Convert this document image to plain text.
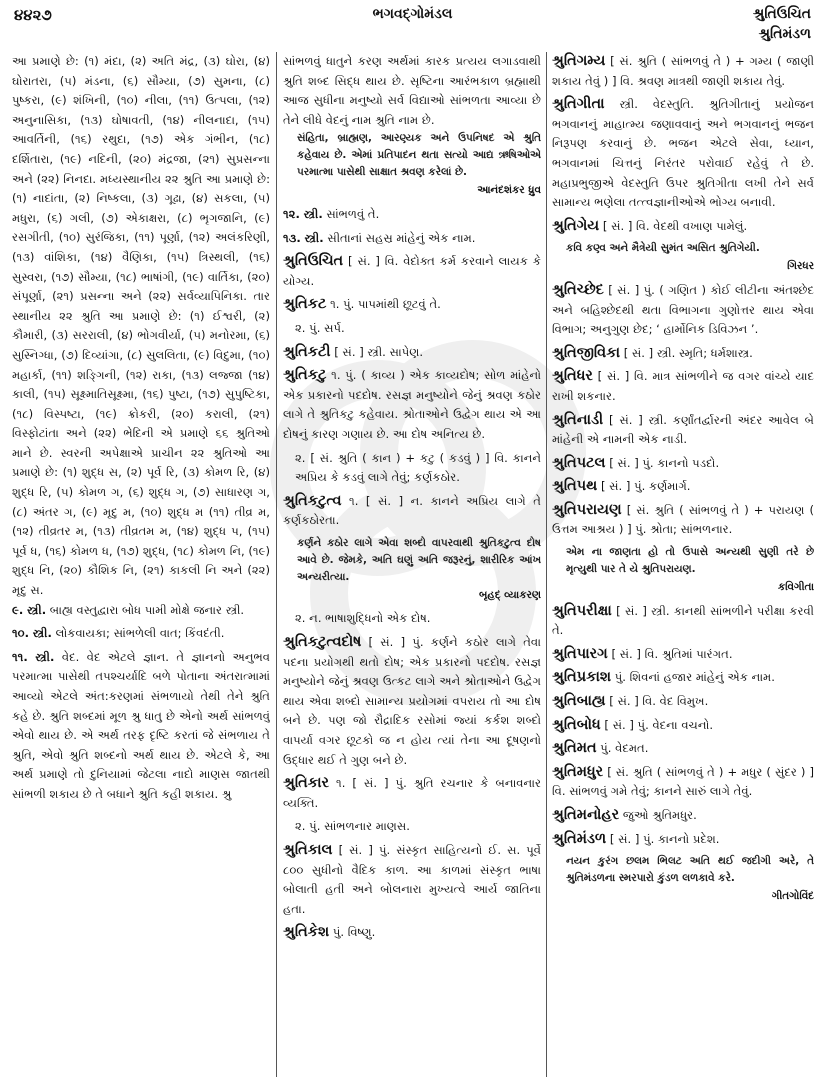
૪૪૨૭	ભગવદ્ગોમંડલ	શ્રુતિઉચિત
શ્રુતિમંડળ

આ પ્રમાણે છે: (૧) મંદા, (૨) અતિ મંદ્ર, (૩) ઘોરા, (૪) ઘોરાતરા, (૫) મંડના, (૬) સૌમ્યા, (૭) સુમના, (૮) પુષ્કરા, (૯) શંખિની, (૧૦) નીલા, (૧૧) ઉત્પલા, (૧૨) અનુનાસિકા, (૧૩) ઘોષાવતી, (૧૪) નીલનાદા, (૧૫) આવર્તિની, (૧૬) રથુદા, (૧૭) એક ગંભીન, (૧૮) દર્શિતારા, (૧૯) નદિની, (૨૦) મંદ્રજા, (૨૧) સુપ્રસન્ના અને (૨૨) નિનદા. મધ્યસ્થાનીય ૨૨ શ્રુતિ આ પ્રમાણે છે: (૧) નાદાંતા, (૨) નિષ્કલા, (૩) ગૂઢા, (૪) સકલા, (૫) મધુરા, (૬) ગલી, (૭) એકાક્ષરા, (૮) ભૃગજાનિ, (૯) રસગીતી, (૧૦) સુરંજિકા, (૧૧) પૂર્ણા, (૧૨) અલંકરિણી, (૧૩) વાંશિકા, (૧૪) વૈણિકા, (૧૫) ત્રિસ્થલી, (૧૬) સુસ્વરા, (૧૭) સૌમ્યા, (૧૮) ભાષાંગી, (૧૯) વાર્તિકા, (૨૦) સંપૂર્ણા, (૨૧) પ્રસન્ના અને (૨૨) સર્વવ્યાપિનિકા. તાર સ્થાનીય ૨૨ શ્રુતિ આ પ્રમાણે છે: (૧) ઈશ્વરી, (૨) કૌમારી, (૩) સરરાલી, (૪) ભોગવીર્યા, (૫) મનોરમા, (૬) સુસ્નિગ્ધા, (૭) દિવ્યાંગા, (૮) સુલલિતા, (૯) વિદુમા, (૧૦) મહાર્કા, (૧૧) શઙ્ગિની, (૧૨) રાકા, (૧૩) લજ્જા (૧૪) કાલી, (૧૫) સૂક્ષ્માતિસૂક્ષ્મા, (૧૬) પુષ્ટા, (૧૭) સુપુષ્ટિકા, (૧૮) વિસ્પષ્ટા, (૧૯) ક્રોકરી, (૨૦) કરાલી, (૨૧) વિસ્ફોટાંતા અને (૨૨) ભેદિની એ પ્રમાણે ૬૬ શ્રુતિઓ માને છે. સ્વરની અપેક્ષાએ પ્રાચીન ૨૨ શ્રુતિઓ આ પ્રમાણે છે: (૧) શુદ્ધ સ, (૨) પૂર્વ રિ, (૩) કોમળ રિ, (૪) શુદ્ધ રિ, (૫) કોમળ ગ, (૬) શુદ્ધ ગ, (૭) સાધારણ ગ, (૮) અંતર ગ, (૯) મૃદુ મ, (૧૦) શુદ્ધ મ (૧૧) તીવ્ર મ, (૧૨) તીવ્રતર મ, (૧૩) તીવ્રતમ મ, (૧૪) શુદ્ધ પ, (૧૫) પૂર્વ ધ, (૧૬) કોમળ ધ, (૧૭) શુદ્ધ, (૧૮) કોમળ નિ, (૧૯) શુદ્ધ નિ, (૨૦) કૌશિક નિ, (૨૧) કાકલી નિ અને (૨૨) મૃદુ સ.

૯. સ્ત્રી. બાહ્ય વસ્તુદ્વારા બોધ પામી મોક્ષે જનાર સ્ત્રી.

૧૦. સ્ત્રી. લોકવાયકા; સાંભળેલી વાત; કિંવદંતી.

૧૧. સ્ત્રી. વેદ. વેદ એટલે જ્ઞાન. તે જ્ઞાનનો અનુભવ પરમાત્મા પાસેથી તપશ્ચર્યાદિ બળે પોતાના અંતરાત્મામાં આવ્યો એટલે અંત:કરણમાં સંભળાયો તેથી તેને શ્રુતિ કહે છે. શ્રુતિ શબ્દમાં મૂળ શ્રુ ધાતુ છે એનો અર્થ સાંભળવું એવો થાય છે. એ અર્થ તરફ દૃષ્ટિ કરતાં જે સંભળાય તે શ્રુતિ, એવો શ્રુતિ શબ્દનો અર્થ થાય છે. એટલે કે, આ અર્થ પ્રમાણે તો દુનિયામાં જેટલા નાદો માણસ જાતથી સાંભળી શકાય છે તે બધાને શ્રુતિ કહી શકાય. શ્રુ

સાંભળવું ધાતુને કરણ અર્થમાં કારક પ્રત્યય લગાડવાથી શ્રુતિ શબ્દ સિદ્ધ થાય છે. સૃષ્ટિના આરંભકાળ બ્રહ્માથી આજ સુધીના મનુષ્યો સર્વ વિદ્યાઓ સાંભળતા આવ્યા છે તેને લીધે વેદનું નામ શ્રુતિ નામ છે.

સંહિતા, બ્રાહ્મણ, આરણ્યક અને ઉપનિષદ એ શ્રુતિ કહેવાય છે. એમાં પ્રતિપાદન થતા સત્યો આદ્ય ઋષિઓએ પરમાત્મા પાસેથી સાક્ષાત શ્રવણ કરેલાં છે.

આનંદશંકર ધ્રુવ

૧૨. સ્ત્રી. સાંભળવું તે.

૧૩. સ્ત્રી. સીતાનાં સહસ્ર માંહેનું એક નામ.

શ્રુતિઉચિત [ સં. ] વિ. વેદોક્ત કર્મ કરવાને લાયક કે યોગ્ય.

શ્રુતિકટ ૧. પું. પાપમાંથી છૂટવું તે.

૨. પું. સર્પ.

શ્રુતિકટી [ સં. ] સ્ત્રી. સાપેણ.

શ્રુતિકટુ ૧. પું. ( કાવ્ય ) એક કાવ્યદોષ; સોળ માંહેનો એક પ્રકારનો પદદોષ. રસજ્ઞ મનુષ્યોને જેનું શ્રવણ કઠોર લાગે તે શ્રુતિકટુ કહેવાય. શ્રોતાઓને ઉદ્વેગ થાય એ આ દોષનું કારણ ગણાય છે. આ દોષ અનિત્ય છે.

૨. [ સં. શ્રુતિ ( કાન ) + કટુ ( કડવું ) ] વિ. કાનને અપ્રિય કે કડવું લાગે તેવું; કર્ણકઠોર.

શ્રુતિકટુત્વ ૧. [ સં. ] ન. કાનને અપ્રિય લાગે તે કર્ણકઠોરતા.

કર્ણને કઠોર લાગે એવા શબ્દો વાપરવાથી શ્રુતિકટુત્વ દોષ આવે છે. જેમકે, અતિ ઘણું અતિ જરૂરનું, શારીરિક આંખ અન્યરીત્યા.

બૃહદ્ વ્યાકરણ

૨. ન. ભાષાશુદ્ધિનો એક દોષ.

શ્રુતિકટુત્વદોષ [ સં. ] પું. કર્ણને કઠોર લાગે તેવા પદના પ્રયોગથી થતો દોષ; એક પ્રકારનો પદદોષ. રસજ્ઞ મનુષ્યોને જેનું શ્રવણ ઉત્કટ લાગે અને શ્રોતાઓને ઉદ્વેગ થાય એવા શબ્દો સામાન્ય પ્રયોગમાં વપરાય તો આ દોષ બને છે. પણ જો રૌદ્રાદિક રસોમાં જ્યાં કર્કશ શબ્દો વાપર્યા વગર છૂટકો જ ન હોય ત્યાં તેના આ દૂષણનો ઉદ્ધાર થઈ તે ગુણ બને છે.

શ્રુતિકાર ૧. [ સં. ] પું. શ્રુતિ રચનાર કે બનાવનાર વ્યક્તિ.

૨. પું. સાંભળનાર માણસ.

શ્રુતિકાલ [ સં. ] પું. સંસ્કૃત સાહિત્યનો ઈ. સ. પૂર્વે ૮૦૦ સુધીનો વૈદિક કાળ. આ કાળમાં સંસ્કૃત ભાષા બોલાતી હતી અને બોલનારા મુખ્યત્વે આર્ય જાતિના હતા.

શ્રુતિકેશ પું. વિષ્ણુ.

શ્રુતિગમ્ય [ સં. શ્રુતિ ( સાંભળવું તે ) + ગમ્ય ( જાણી શકાય તેવું ) ] વિ. શ્રવણ માત્રથી જાણી શકાય તેવું.

શ્રુતિગીતા સ્ત્રી. વેદસ્તુતિ. શ્રુતિગીતાનું પ્રયોજન ભગવાનનું માહાત્મ્ય જણાવવાનું અને ભગવાનનું ભજન નિરૂપણ કરવાનું છે. ભજન એટલે સેવા, ધ્યાન, ભગવાનમાં ચિત્તનું નિરંતર પરોવાઈ રહેવું તે છે. મહાપ્રભુજીએ વેદસ્તુતિ ઉપર શ્રુતિગીતા લખી તેને સર્વ સામાન્ય ભણેલા તત્ત્વજ્ઞાનીઓએ ભોગ્ય બનાવી.

શ્રુતિગેય [ સં. ] વિ. વેદથી વખાણ પામેલું.

કવિ કણ્વ અને મૈત્રેયી સુમંત અસિત શ્રુતિગેયી.

ગિરધર

શ્રુતિચ્છેદ [ સં. ] પું. ( ગણિત ) કોઈ લીટીના અંતશ્છેદ અને બહિશ્છેદથી થતા વિભાગના ગુણોત્તર થાય એવા વિભાગ; અનુગુણ છેદ; ‘ હાર્મોનિક ડિવિઝન ’.

શ્રુતિજીવિકા [ સં. ] સ્ત્રી. સ્મૃતિ; ધર્મશાસ્ત્ર.

શ્રુતિધર [ સં. ] વિ. માત્ર સાંભળીને જ વગર વાંચ્યે યાદ રાખી શકનાર.

શ્રુતિનાડી [ સં. ] સ્ત્રી. કર્ણાંતર્દ્વારની અંદર આવેલ બે માંહેની એ નામની એક નાડી.

શ્રુતિપટલ [ સં. ] પું. કાનનો પડદો.

શ્રુતિપથ [ સં. ] પું. કર્ણમાર્ગ.

શ્રુતિપરાયણ [ સં. શ્રુતિ ( સાંભળવું તે ) + પરાયણ ( ઉત્તમ આશ્રય ) ] પું. શ્રોતા; સાંભળનાર.

એમ ના જાણતા હો તો ઉપાસે અન્યથી સુણી તરે છે મૃત્યુથી પાર તે યે શ્રુતિપરાયણ.

કવિગીતા

શ્રુતિપરીક્ષા [ સં. ] સ્ત્રી. કાનથી સાંભળીને પરીક્ષા કરવી તે.

શ્રુતિપારગ [ સં. ] વિ. શ્રુતિમાં પારંગત.

શ્રુતિપ્રકાશ પું. શિવનાં હજાર માંહેનું એક નામ.

શ્રુતિબાહ્ય [ સં. ] વિ. વેદ વિમુખ.

શ્રુતિબોધ [ સં. ] પું. વેદના વચનો.

શ્રુતિમત પું. વેદમત.

શ્રુતિમધુર [ સં. શ્રુતિ ( સાંભળવું તે ) + મધુર ( સુંદર ) ] વિ. સાંભળવું ગમે તેવું; કાનને સારું લાગે તેવું.

શ્રુતિમનોહર જુઓ શ્રુતિમધુર.

શ્રુતિમંડળ [ સં. ] પું. કાનનો પ્રદેશ.

નયન કુરંગ છલમ ભિલટ અતિ થઈ જદીગી અરે, તે શ્રુતિમંડળના સ્મરપારો કુંડળ લળકાવે કરે.

ગીતગોવિંદ
